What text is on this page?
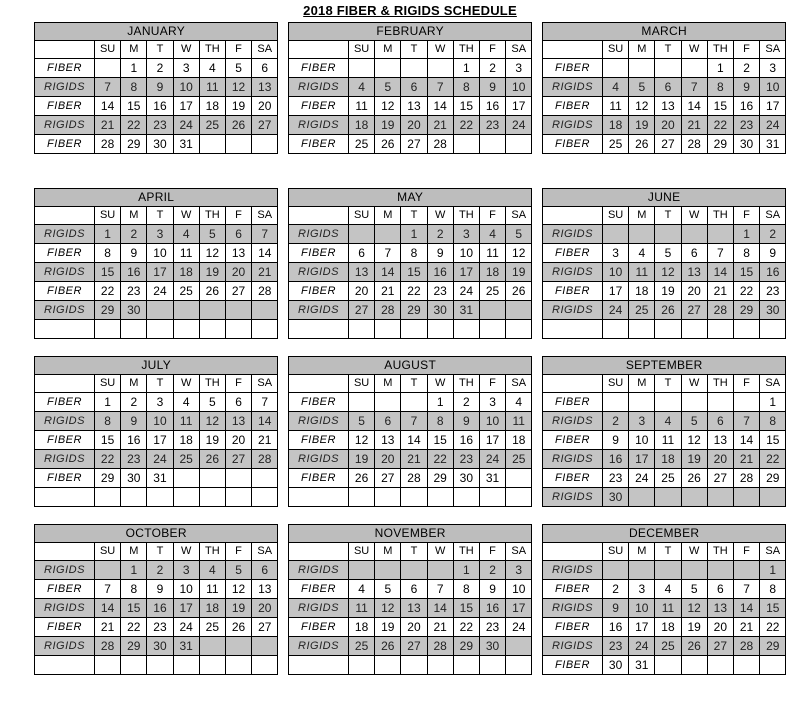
2018 FIBER & RIGIDS SCHEDULE
JANUARY							
	SU	M	T	W	TH	F	SA
FIBER		1	2	3	4	5	6
RIGIDS	7	8	9	10	11	12	13
FIBER	14	15	16	17	18	19	20
RIGIDS	21	22	23	24	25	26	27
FIBER	28	29	30	31			
FEBRUARY							
	SU	M	T	W	TH	F	SA
FIBER					1	2	3
RIGIDS	4	5	6	7	8	9	10
FIBER	11	12	13	14	15	16	17
RIGIDS	18	19	20	21	22	23	24
FIBER	25	26	27	28			
MARCH							
	SU	M	T	W	TH	F	SA
FIBER					1	2	3
RIGIDS	4	5	6	7	8	9	10
FIBER	11	12	13	14	15	16	17
RIGIDS	18	19	20	21	22	23	24
FIBER	25	26	27	28	29	30	31
APRIL							
	SU	M	T	W	TH	F	SA
RIGIDS	1	2	3	4	5	6	7
FIBER	8	9	10	11	12	13	14
RIGIDS	15	16	17	18	19	20	21
FIBER	22	23	24	25	26	27	28
RIGIDS	29	30					

MAY							
	SU	M	T	W	TH	F	SA
RIGIDS			1	2	3	4	5
FIBER	6	7	8	9	10	11	12
RIGIDS	13	14	15	16	17	18	19
FIBER	20	21	22	23	24	25	26
RIGIDS	27	28	29	30	31		

JUNE							
	SU	M	T	W	TH	F	SA
RIGIDS						1	2
FIBER	3	4	5	6	7	8	9
RIGIDS	10	11	12	13	14	15	16
FIBER	17	18	19	20	21	22	23
RIGIDS	24	25	26	27	28	29	30

JULY							
	SU	M	T	W	TH	F	SA
FIBER	1	2	3	4	5	6	7
RIGIDS	8	9	10	11	12	13	14
FIBER	15	16	17	18	19	20	21
RIGIDS	22	23	24	25	26	27	28
FIBER	29	30	31				

AUGUST							
	SU	M	T	W	TH	F	SA
FIBER				1	2	3	4
RIGIDS	5	6	7	8	9	10	11
FIBER	12	13	14	15	16	17	18
RIGIDS	19	20	21	22	23	24	25
FIBER	26	27	28	29	30	31	

SEPTEMBER							
	SU	M	T	W	TH	F	SA
FIBER							1
RIGIDS	2	3	4	5	6	7	8
FIBER	9	10	11	12	13	14	15
RIGIDS	16	17	18	19	20	21	22
FIBER	23	24	25	26	27	28	29
RIGIDS	30						
OCTOBER							
	SU	M	T	W	TH	F	SA
RIGIDS		1	2	3	4	5	6
FIBER	7	8	9	10	11	12	13
RIGIDS	14	15	16	17	18	19	20
FIBER	21	22	23	24	25	26	27
RIGIDS	28	29	30	31			

NOVEMBER							
	SU	M	T	W	TH	F	SA
RIGIDS					1	2	3
FIBER	4	5	6	7	8	9	10
RIGIDS	11	12	13	14	15	16	17
FIBER	18	19	20	21	22	23	24
RIGIDS	25	26	27	28	29	30	

DECEMBER							
	SU	M	T	W	TH	F	SA
RIGIDS							1
FIBER	2	3	4	5	6	7	8
RIGIDS	9	10	11	12	13	14	15
FIBER	16	17	18	19	20	21	22
RIGIDS	23	24	25	26	27	28	29
FIBER	30	31					
